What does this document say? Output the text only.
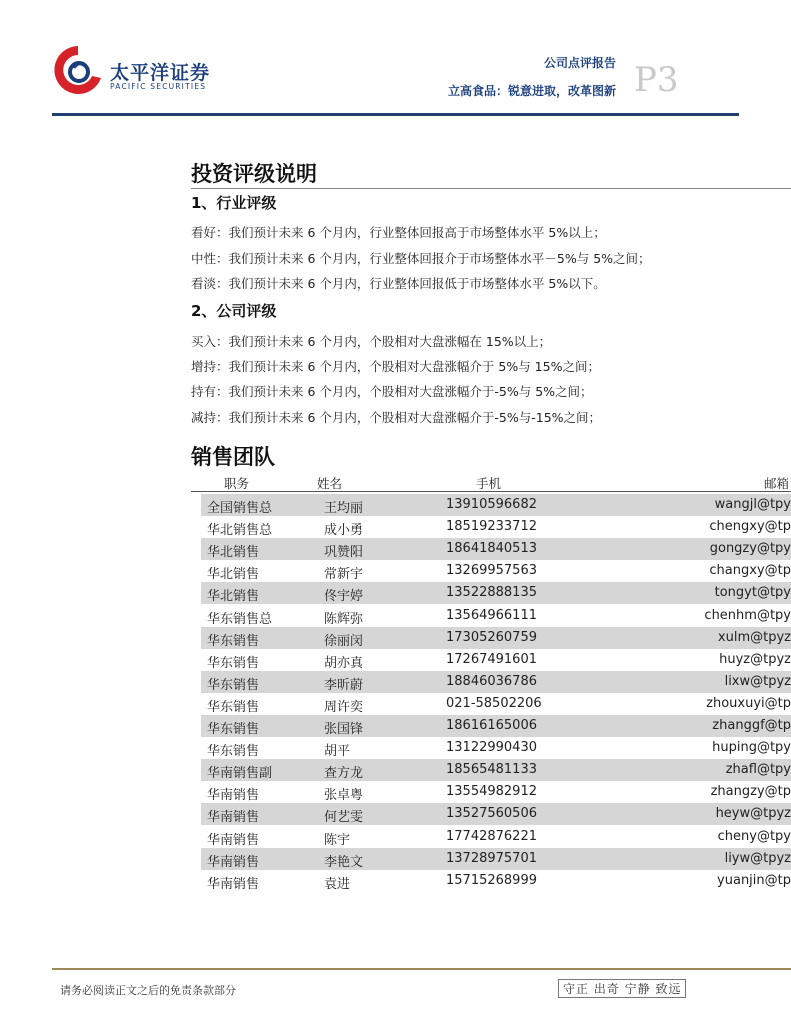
太平洋证券
PACIFIC SECURITIES
公司点评报告
立高食品：锐意进取，改革图新 P3
投资评级说明
1、行业评级
看好：我们预计未来 6 个月内，行业整体回报高于市场整体水平 5%以上；
中性：我们预计未来 6 个月内，行业整体回报介于市场整体水平－5%与 5%之间；
看淡：我们预计未来 6 个月内，行业整体回报低于市场整体水平 5%以下。
2、公司评级
买入：我们预计未来 6 个月内，个股相对大盘涨幅在 15%以上；
增持：我们预计未来 6 个月内，个股相对大盘涨幅介于 5%与 15%之间；
持有：我们预计未来 6 个月内，个股相对大盘涨幅介于-5%与 5%之间；
减持：我们预计未来 6 个月内，个股相对大盘涨幅介于-5%与-15%之间；
销售团队
职务	姓名	手机	邮箱
全国销售总	王均丽	13910596682	wangjl@tpy
华北销售总	成小勇	18519233712	chengxy@tp
华北销售	巩赞阳	18641840513	gongzy@tpy
华北销售	常新宇	13269957563	changxy@tp
华北销售	佟宇婷	13522888135	tongyt@tpy
华东销售总	陈辉弥	13564966111	chenhm@tpy
华东销售	徐丽闵	17305260759	xulm@tpyz
华东销售	胡亦真	17267491601	huyz@tpyz
华东销售	李昕蔚	18846036786	lixw@tpyz
华东销售	周许奕	021-58502206	zhouxuyi@tp
华东销售	张国锋	18616165006	zhanggf@tp
华东销售	胡平	13122990430	huping@tpy
华南销售副	查方龙	18565481133	zhafl@tpy
华南销售	张卓粤	13554982912	zhangzy@tp
华南销售	何艺雯	13527560506	heyw@tpyz
华南销售	陈宇	17742876221	cheny@tpy
华南销售	李艳文	13728975701	liyw@tpyz
华南销售	袁进	15715268999	yuanjin@tp
请务必阅读正文之后的免责条款部分	守正 出奇 宁静 致远
